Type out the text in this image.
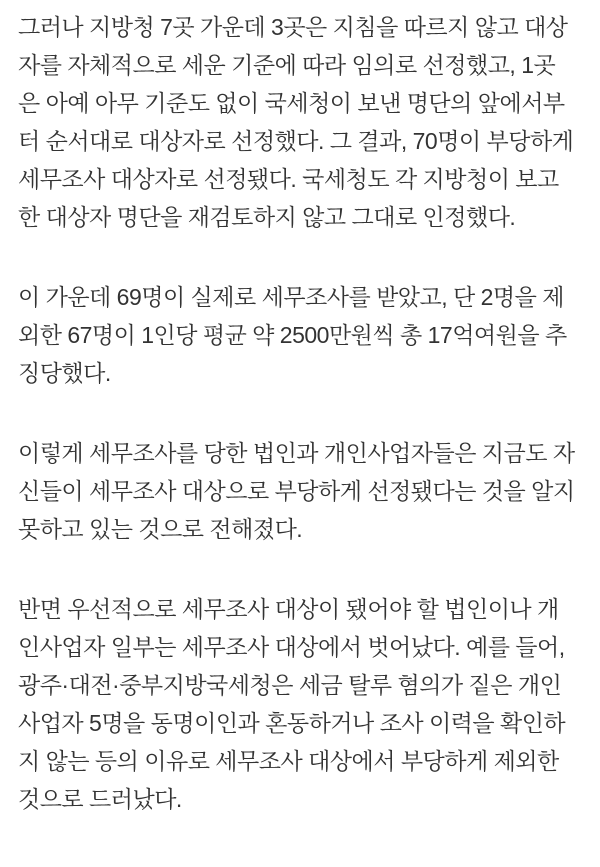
그러나 지방청 7곳 가운데 3곳은 지침을 따르지 않고 대상자를 자체적으로 세운 기준에 따라 임의로 선정했고, 1곳은 아예 아무 기준도 없이 국세청이 보낸 명단의 앞에서부터 순서대로 대상자로 선정했다. 그 결과, 70명이 부당하게 세무조사 대상자로 선정됐다. 국세청도 각 지방청이 보고한 대상자 명단을 재검토하지 않고 그대로 인정했다.

이 가운데 69명이 실제로 세무조사를 받았고, 단 2명을 제외한 67명이 1인당 평균 약 2500만원씩 총 17억여원을 추징당했다.

이렇게 세무조사를 당한 법인과 개인사업자들은 지금도 자신들이 세무조사 대상으로 부당하게 선정됐다는 것을 알지 못하고 있는 것으로 전해졌다.

반면 우선적으로 세무조사 대상이 됐어야 할 법인이나 개인사업자 일부는 세무조사 대상에서 벗어났다. 예를 들어, 광주·대전·중부지방국세청은 세금 탈루 혐의가 짙은 개인사업자 5명을 동명이인과 혼동하거나 조사 이력을 확인하지 않는 등의 이유로 세무조사 대상에서 부당하게 제외한 것으로 드러났다.
